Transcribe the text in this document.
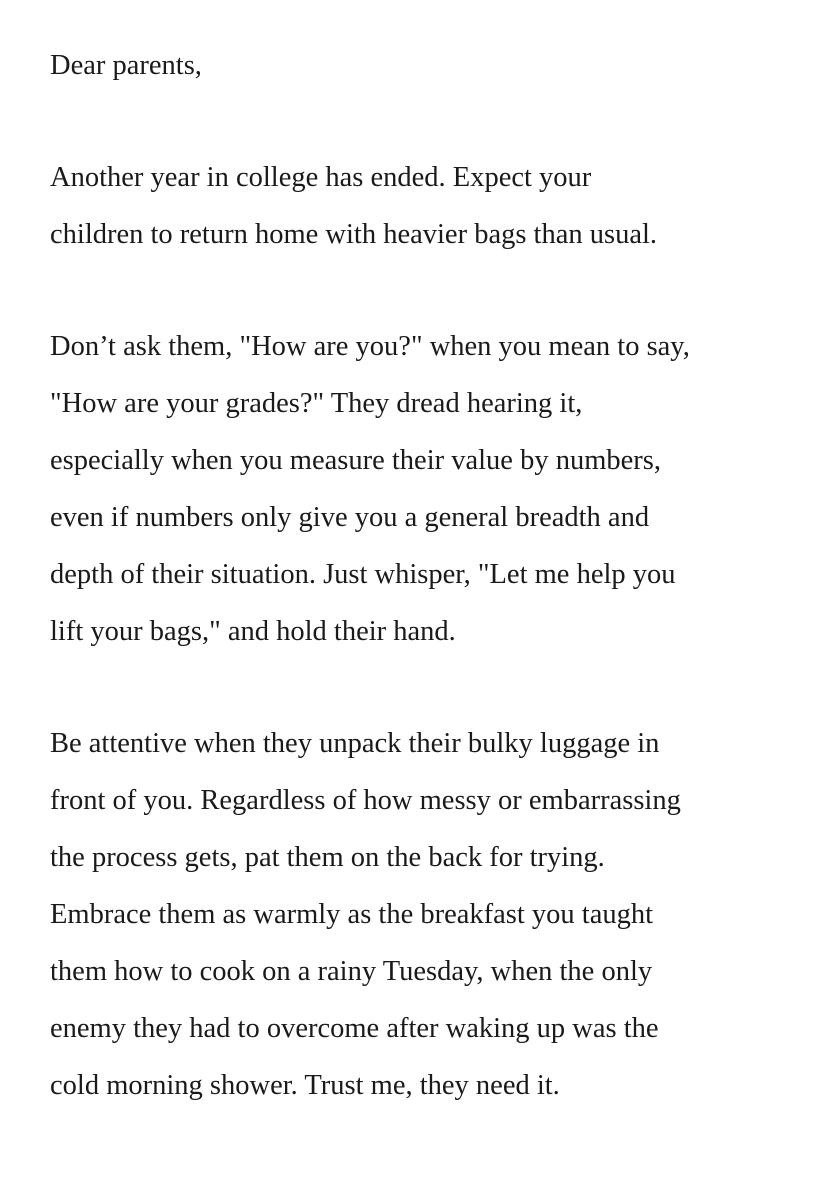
Dear parents,
Another year in college has ended. Expect your
children to return home with heavier bags than usual.
Don’t ask them, "How are you?" when you mean to say,
"How are your grades?" They dread hearing it,
especially when you measure their value by numbers,
even if numbers only give you a general breadth and
depth of their situation. Just whisper, "Let me help you
lift your bags," and hold their hand.
Be attentive when they unpack their bulky luggage in
front of you. Regardless of how messy or embarrassing
the process gets, pat them on the back for trying.
Embrace them as warmly as the breakfast you taught
them how to cook on a rainy Tuesday, when the only
enemy they had to overcome after waking up was the
cold morning shower. Trust me, they need it.
